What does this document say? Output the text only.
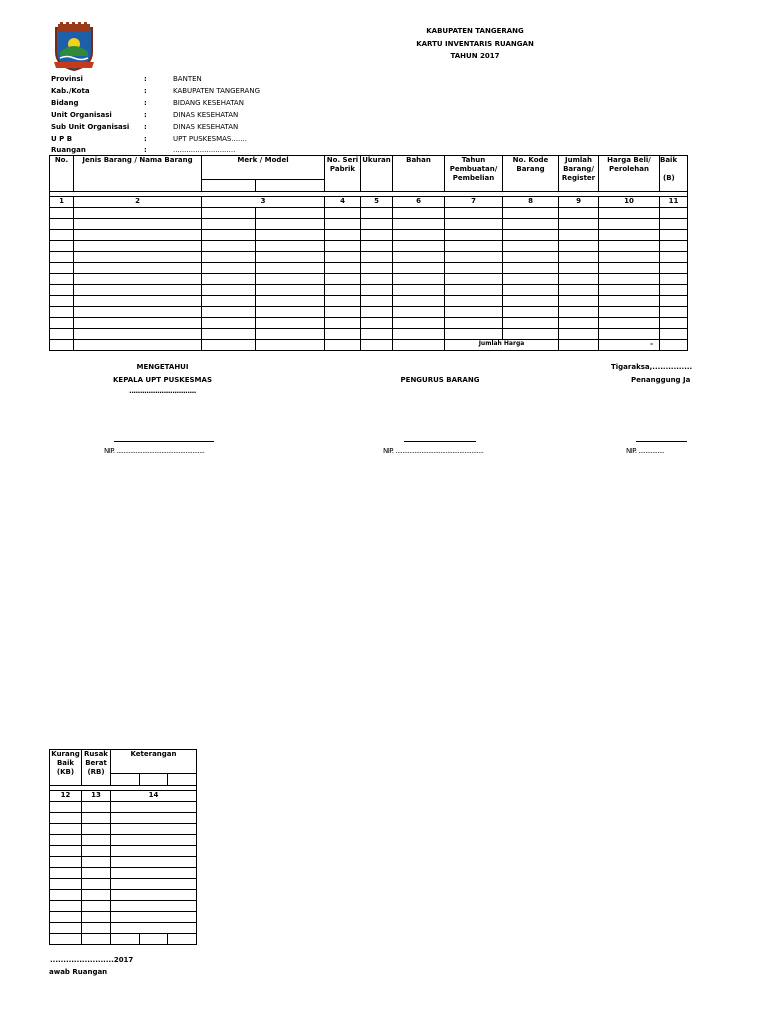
KABUPATEN TANGERANG
KARTU INVENTARIS RUANGAN
TAHUN 2017
Provinsi	:	BANTEN
Kab./Kota	:	KABUPATEN TANGERANG
Bidang	:	BIDANG KESEHATAN
Unit Organisasi	:	DINAS KESEHATAN
Sub Unit Organisasi :	DINAS KESEHATAN
U P B	:	UPT PUSKESMAS.......
Ruangan	:	............................
No.	Jenis Barang / Nama Barang	Merk / Model		No. Seri Pabrik	Ukuran	Bahan	Tahun Pembuatan/ Pembelian	No. Kode Barang	Jumlah Barang/ Register	Harga Beli/ Perolehan	Baik
(B)

1	2	3		4	5	6	7	8	9	10	11

							Jumlah Harga			-	
MENGETAHUI
KEPALA UPT PUSKESMAS
...............................
PENGURUS BARANG
Tigaraksa,...............
Penanggung Ja
NIP. ...................................................	NIP. ...................................................	NIP. ...............
Kurang Baik (KB)	Rusak Berat (RB)	Keterangan		

12	13	14		

........................2017
awab Ruangan
